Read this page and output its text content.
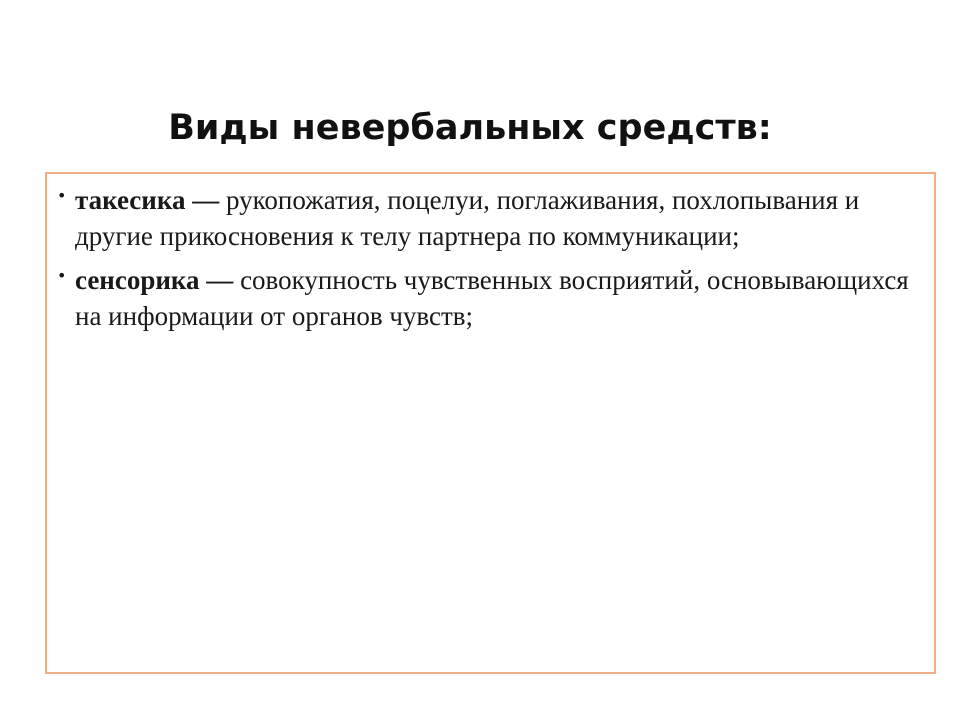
Виды невербальных средств:
• такесика — рукопожатия, поцелуи, поглаживания, похлопывания и другие прикосновения к телу партнера по коммуникации;
• сенсорика — совокупность чувственных восприятий, основывающихся на информации от органов чувств;
